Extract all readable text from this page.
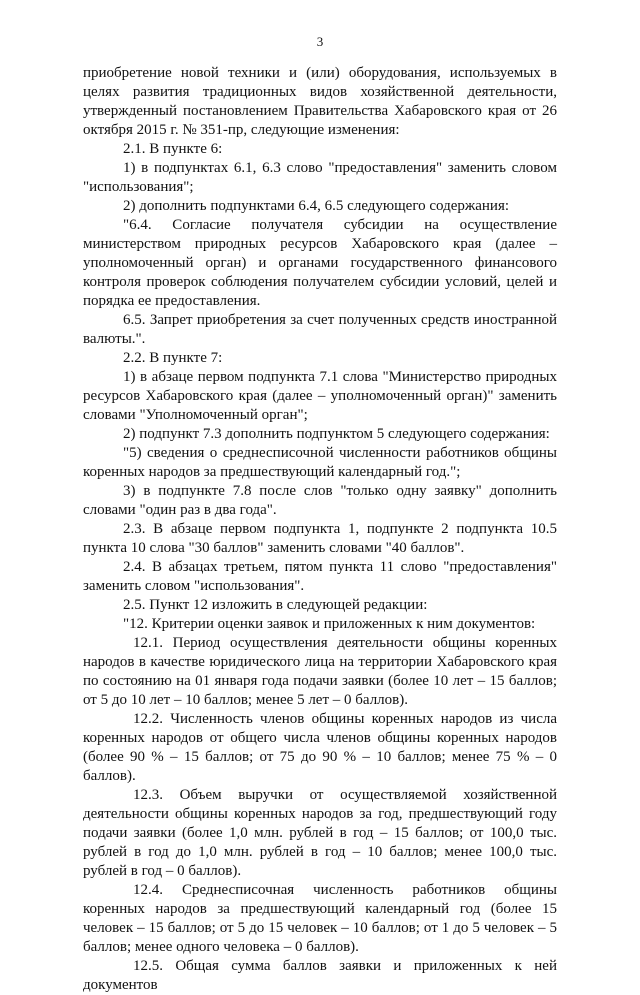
3

приобретение новой техники и (или) оборудования, используемых в целях развития традиционных видов хозяйственной деятельности, утвержденный постановлением Правительства Хабаровского края от 26 октября 2015 г. № 351-пр, следующие изменения:

2.1. В пункте 6:

1) в подпунктах 6.1, 6.3 слово "предоставления" заменить словом "использования";

2) дополнить подпунктами 6.4, 6.5 следующего содержания:

"6.4. Согласие получателя субсидии на осуществление министерством природных ресурсов Хабаровского края (далее – уполномоченный орган) и органами государственного финансового контроля проверок соблюдения получателем субсидии условий, целей и порядка ее предоставления.

6.5. Запрет приобретения за счет полученных средств иностранной валюты.".

2.2. В пункте 7:

1) в абзаце первом подпункта 7.1 слова "Министерство природных ресурсов Хабаровского края (далее – уполномоченный орган)" заменить словами "Уполномоченный орган";

2) подпункт 7.3 дополнить подпунктом 5 следующего содержания:

"5) сведения о среднесписочной численности работников общины коренных народов за предшествующий календарный год.";

3) в подпункте 7.8 после слов "только одну заявку" дополнить словами "один раз в два года".

2.3. В абзаце первом подпункта 1, подпункте 2 подпункта 10.5 пункта 10 слова "30 баллов" заменить словами "40 баллов".

2.4. В абзацах третьем, пятом пункта 11 слово "предоставления" заменить словом "использования".

2.5. Пункт 12 изложить в следующей редакции:

"12. Критерии оценки заявок и приложенных к ним документов:

12.1. Период осуществления деятельности общины коренных народов в качестве юридического лица на территории Хабаровского края по состоянию на 01 января года подачи заявки (более 10 лет – 15 баллов; от 5 до 10 лет – 10 баллов; менее 5 лет – 0 баллов).

12.2. Численность членов общины коренных народов из числа коренных народов от общего числа членов общины коренных народов (более 90 % – 15 баллов; от 75 до 90 % – 10 баллов; менее 75 % – 0 баллов).

12.3. Объем выручки от осуществляемой хозяйственной деятельности общины коренных народов за год, предшествующий году подачи заявки (более 1,0 млн. рублей в год – 15 баллов; от 100,0 тыс. рублей в год до 1,0 млн. рублей в год – 10 баллов; менее 100,0 тыс. рублей в год – 0 баллов).

12.4. Среднесписочная численность работников общины коренных народов за предшествующий календарный год (более 15 человек – 15 баллов; от 5 до 15 человек – 10 баллов; от 1 до 5 человек – 5 баллов; менее одного человека – 0 баллов).

12.5. Общая сумма баллов заявки и приложенных к ней документов
